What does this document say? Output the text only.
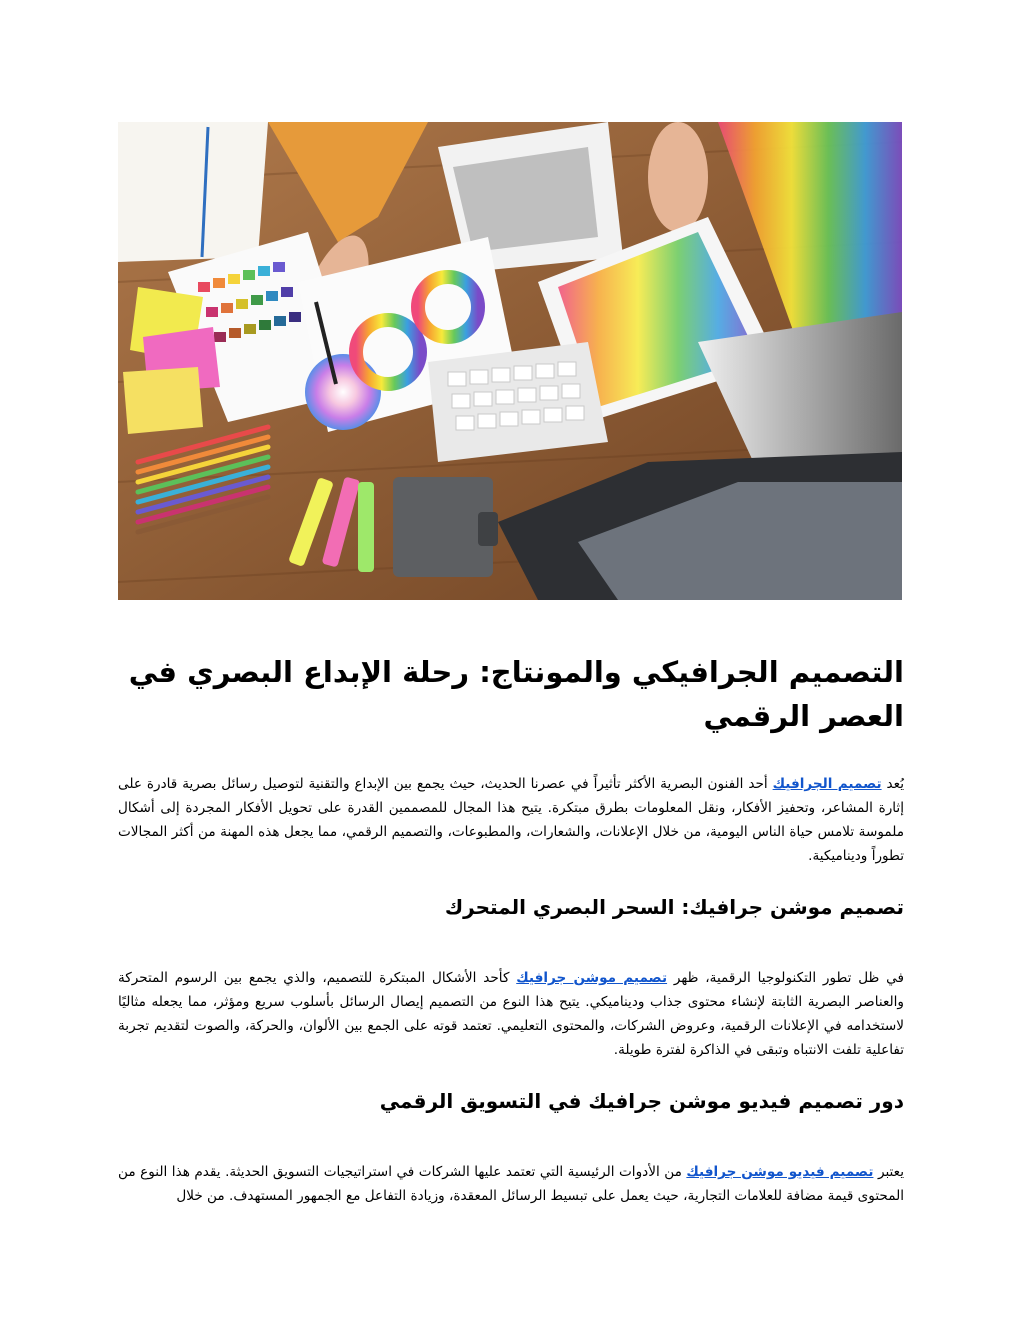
التصميم الجرافيكي والمونتاج: رحلة الإبداع البصري في العصر الرقمي

يُعد تصميم الجرافيك أحد الفنون البصرية الأكثر تأثيراً في عصرنا الحديث، حيث يجمع بين الإبداع والتقنية لتوصيل رسائل بصرية قادرة على إثارة المشاعر، وتحفيز الأفكار، ونقل المعلومات بطرق مبتكرة. يتيح هذا المجال للمصممين القدرة على تحويل الأفكار المجردة إلى أشكال ملموسة تلامس حياة الناس اليومية، من خلال الإعلانات، والشعارات، والمطبوعات، والتصميم الرقمي، مما يجعل هذه المهنة من أكثر المجالات تطوراً وديناميكية.

تصميم موشن جرافيك: السحر البصري المتحرك

في ظل تطور التكنولوجيا الرقمية، ظهر تصميم موشن جرافيك كأحد الأشكال المبتكرة للتصميم، والذي يجمع بين الرسوم المتحركة والعناصر البصرية الثابتة لإنشاء محتوى جذاب وديناميكي. يتيح هذا النوع من التصميم إيصال الرسائل بأسلوب سريع ومؤثر، مما يجعله مثاليًا لاستخدامه في الإعلانات الرقمية، وعروض الشركات، والمحتوى التعليمي. تعتمد قوته على الجمع بين الألوان، والحركة، والصوت لتقديم تجربة تفاعلية تلفت الانتباه وتبقى في الذاكرة لفترة طويلة.

دور تصميم فيديو موشن جرافيك في التسويق الرقمي

يعتبر تصميم فيديو موشن جرافيك من الأدوات الرئيسية التي تعتمد عليها الشركات في استراتيجيات التسويق الحديثة. يقدم هذا النوع من المحتوى قيمة مضافة للعلامات التجارية، حيث يعمل على تبسيط الرسائل المعقدة، وزيادة التفاعل مع الجمهور المستهدف. من خلال
